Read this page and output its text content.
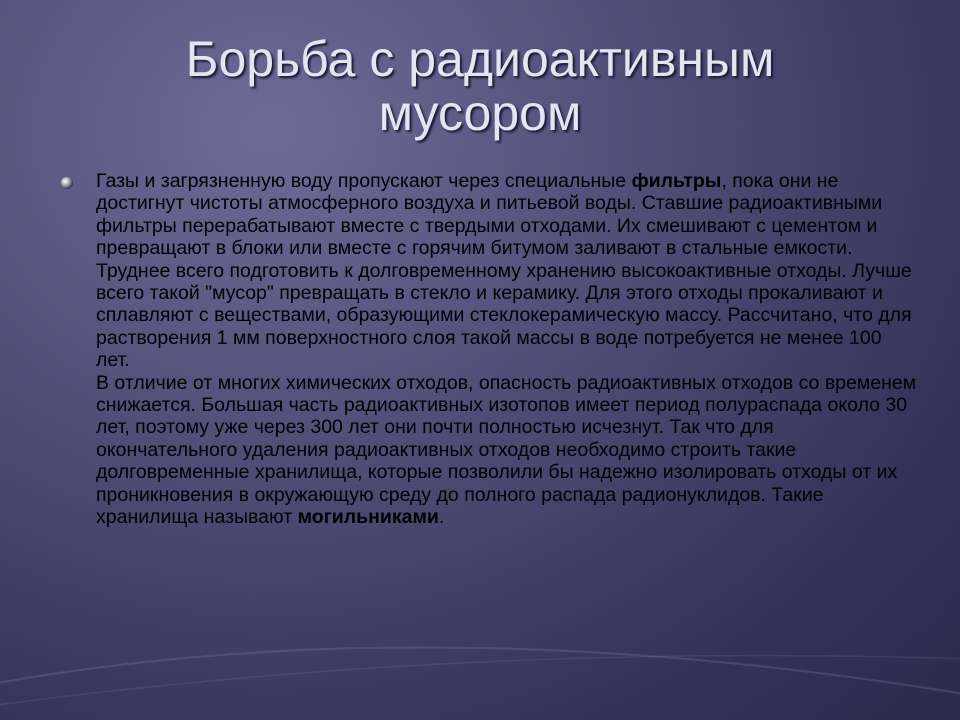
Борьба с радиоактивным
мусором

Газы и загрязненную воду пропускают через специальные фильтры, пока они не достигнут чистоты атмосферного воздуха и питьевой воды. Ставшие радиоактивными фильтры перерабатывают вместе с твердыми отходами. Их смешивают с цементом и превращают в блоки или вместе с горячим битумом заливают в стальные емкости. Труднее всего подготовить к долговременному хранению высокоактивные отходы. Лучше всего такой "мусор" превращать в стекло и керамику. Для этого отходы прокаливают и сплавляют с веществами, образующими стеклокерамическую массу. Рассчитано, что для растворения 1 мм поверхностного слоя такой массы в воде потребуется не менее 100 лет.

В отличие от многих химических отходов, опасность радиоактивных отходов со временем снижается. Большая часть радиоактивных изотопов имеет период полураспада около 30 лет, поэтому уже через 300 лет они почти полностью исчезнут. Так что для окончательного удаления радиоактивных отходов необходимо строить такие долговременные хранилища, которые позволили бы надежно изолировать отходы от их проникновения в окружающую среду до полного распада радионуклидов. Такие хранилища называют могильниками.
